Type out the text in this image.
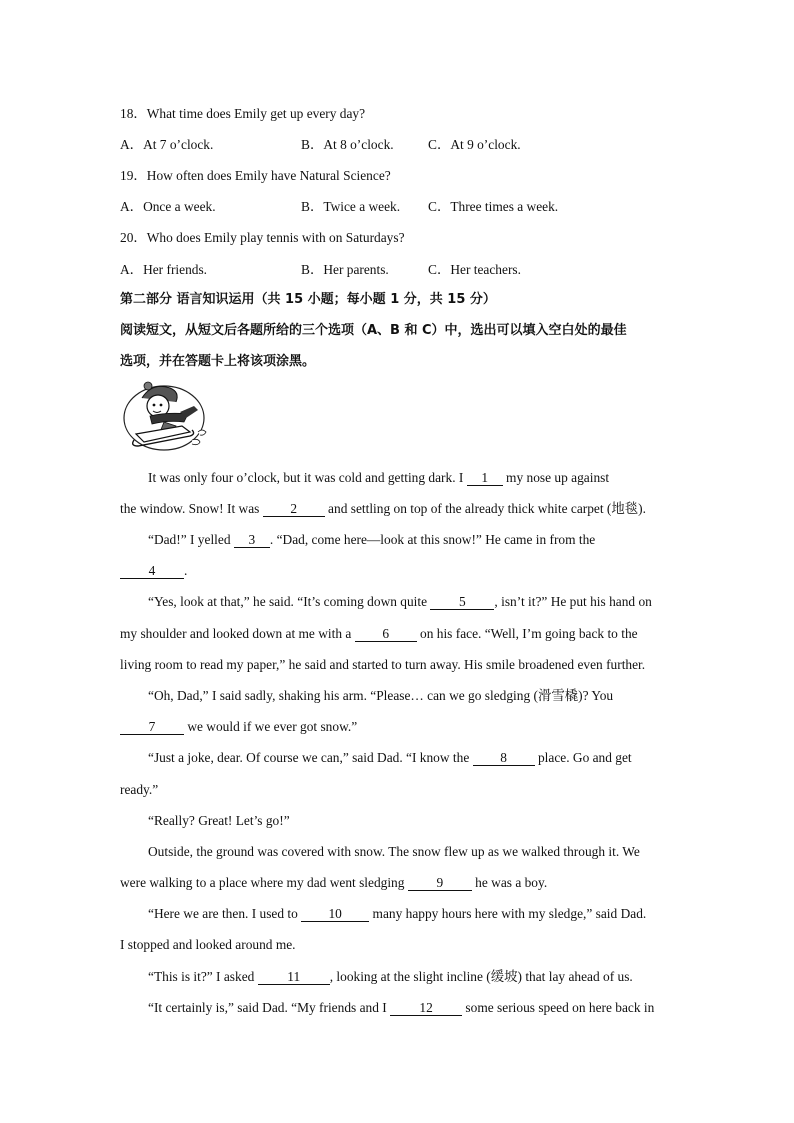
18．What time does Emily get up every day?
A．At 7 o’clock.	B．At 8 o’clock.	C．At 9 o’clock.
19．How often does Emily have Natural Science?
A．Once a week.	B．Twice a week. C．Three times a week.
20．Who does Emily play tennis with on Saturdays?
A．Her friends.	B．Her parents.	C．Her teachers.
第二部分 语言知识运用（共 15 小题；每小题 1 分，共 15 分）
阅读短文，从短文后各题所给的三个选项（A、B 和 C）中，选出可以填入空白处的最佳
选项，并在答题卡上将该项涂黑。
It was only four o’clock, but it was cold and getting dark. I 1 my nose up against
the window. Snow! It was 2 and settling on top of the already thick white carpet (地毯).
“Dad!” I yelled 3 . “Dad, come here—look at this snow!” He came in from the
4 .
“Yes, look at that,” he said. “It’s coming down quite 5 , isn’t it?” He put his hand on
my shoulder and looked down at me with a 6 on his face. “Well, I’m going back to the
living room to read my paper,” he said and started to turn away. His smile broadened even further.
“Oh, Dad,” I said sadly, shaking his arm. “Please… can we go sledging (滑雪橇)? You
7 we would if we ever got snow.”
“Just a joke, dear. Of course we can,” said Dad. “I know the 8 place. Go and get
ready.”
“Really? Great! Let’s go!”
Outside, the ground was covered with snow. The snow flew up as we walked through it. We
were walking to a place where my dad went sledging 9 he was a boy.
“Here we are then. I used to 10 many happy hours here with my sledge,” said Dad.
I stopped and looked around me.
“This is it?” I asked 11 , looking at the slight incline (缓坡) that lay ahead of us.
“It certainly is,” said Dad. “My friends and I 12 some serious speed on here back in
